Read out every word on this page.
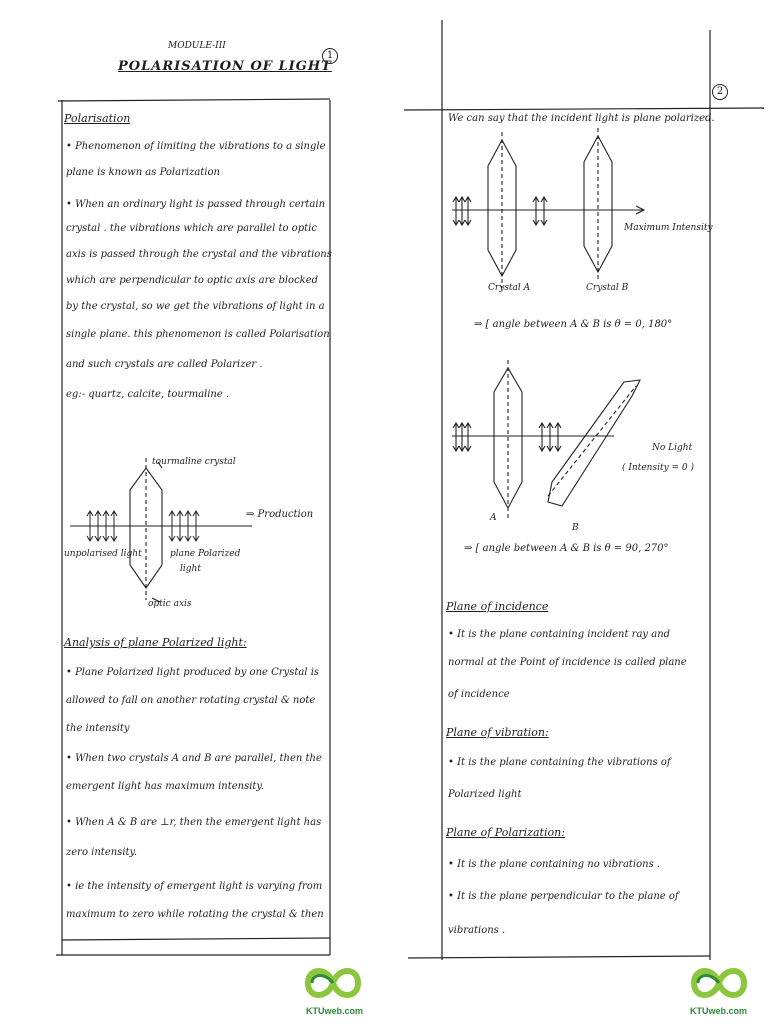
MODULE-III
POLARISATION OF LIGHT
1
Polarisation
• Phenomenon of limiting the vibrations to a single
plane is known as Polarization
• When an ordinary light is passed through certain
crystal . the vibrations which are parallel to optic
axis is passed through the crystal and the vibrations
which are perpendicular to optic axis are blocked
by the crystal, so we get the vibrations of light in a
single plane. this phenomenon is called Polarisation
and such crystals are called Polarizer .
eg:- quartz, calcite, tourmaline .
tourmaline crystal
unpolarised light	plane Polarized
light
optic axis
⇒ Production
Analysis of plane Polarized light:
• Plane Polarized light produced by one Crystal is
allowed to fall on another rotating crystal & note
the intensity
• When two crystals A and B are parallel, then the
emergent light has maximum intensity.
• When A & B are ⊥r, then the emergent light has
zero intensity.
• ie the intensity of emergent light is varying from
maximum to zero while rotating the crystal & then
KTUweb.com
2
We can say that the incident light is plane polarized.
Crystal A	Crystal B
Maximum Intensity
⇒ [ angle between A & B is θ = 0, 180°
A
B
No Light
( Intensity = 0 )
⇒ [ angle between A & B is θ = 90, 270°
Plane of incidence
• It is the plane containing incident ray and
normal at the Point of incidence is called plane
of incidence
Plane of vibration:
• It is the plane containing the vibrations of
Polarized light
Plane of Polarization:
• It is the plane containing no vibrations .
• It is the plane perpendicular to the plane of
vibrations .
KTUweb.com
